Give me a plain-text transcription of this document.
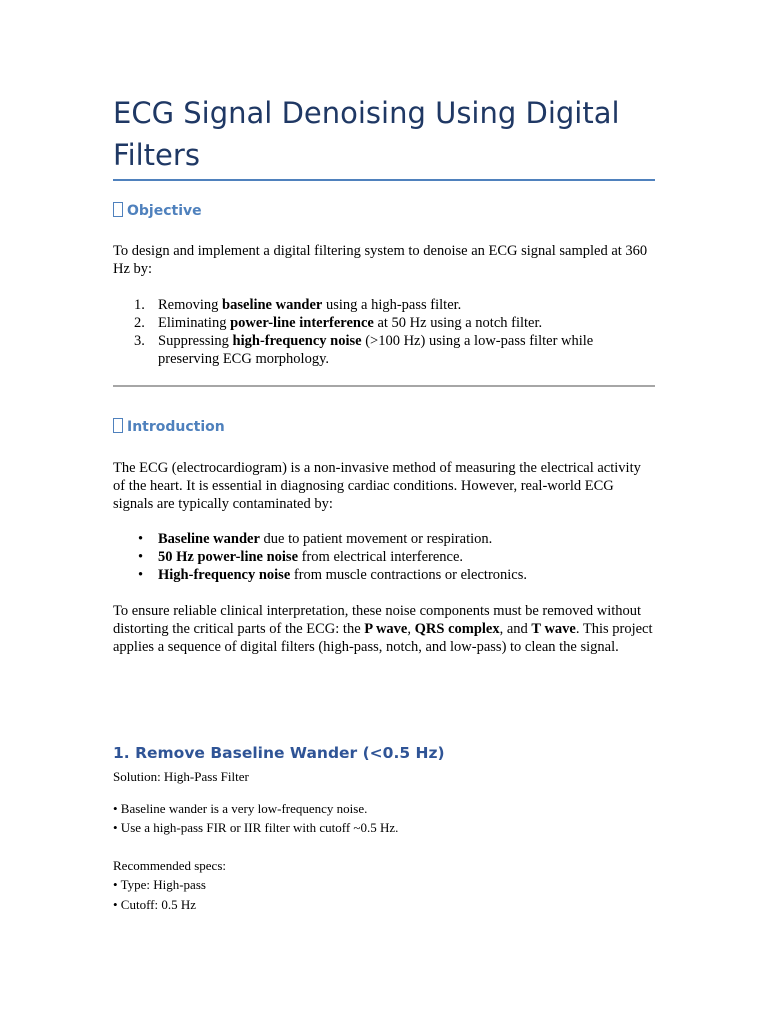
ECG Signal Denoising Using Digital Filters
Objective

To design and implement a digital filtering system to denoise an ECG signal sampled at 360 Hz by:

1. Removing baseline wander using a high-pass filter.
2. Eliminating power-line interference at 50 Hz using a notch filter.
3. Suppressing high-frequency noise (>100 Hz) using a low-pass filter while preserving ECG morphology.
Introduction

The ECG (electrocardiogram) is a non-invasive method of measuring the electrical activity of the heart. It is essential in diagnosing cardiac conditions. However, real-world ECG signals are typically contaminated by:

• Baseline wander due to patient movement or respiration.
• 50 Hz power-line noise from electrical interference.
• High-frequency noise from muscle contractions or electronics.

To ensure reliable clinical interpretation, these noise components must be removed without distorting the critical parts of the ECG: the P wave, QRS complex, and T wave. This project applies a sequence of digital filters (high-pass, notch, and low-pass) to clean the signal.

1. Remove Baseline Wander (<0.5 Hz)

Solution: High-Pass Filter

• Baseline wander is a very low-frequency noise.

• Use a high-pass FIR or IIR filter with cutoff ~0.5 Hz.

Recommended specs:

• Type: High-pass

• Cutoff: 0.5 Hz
